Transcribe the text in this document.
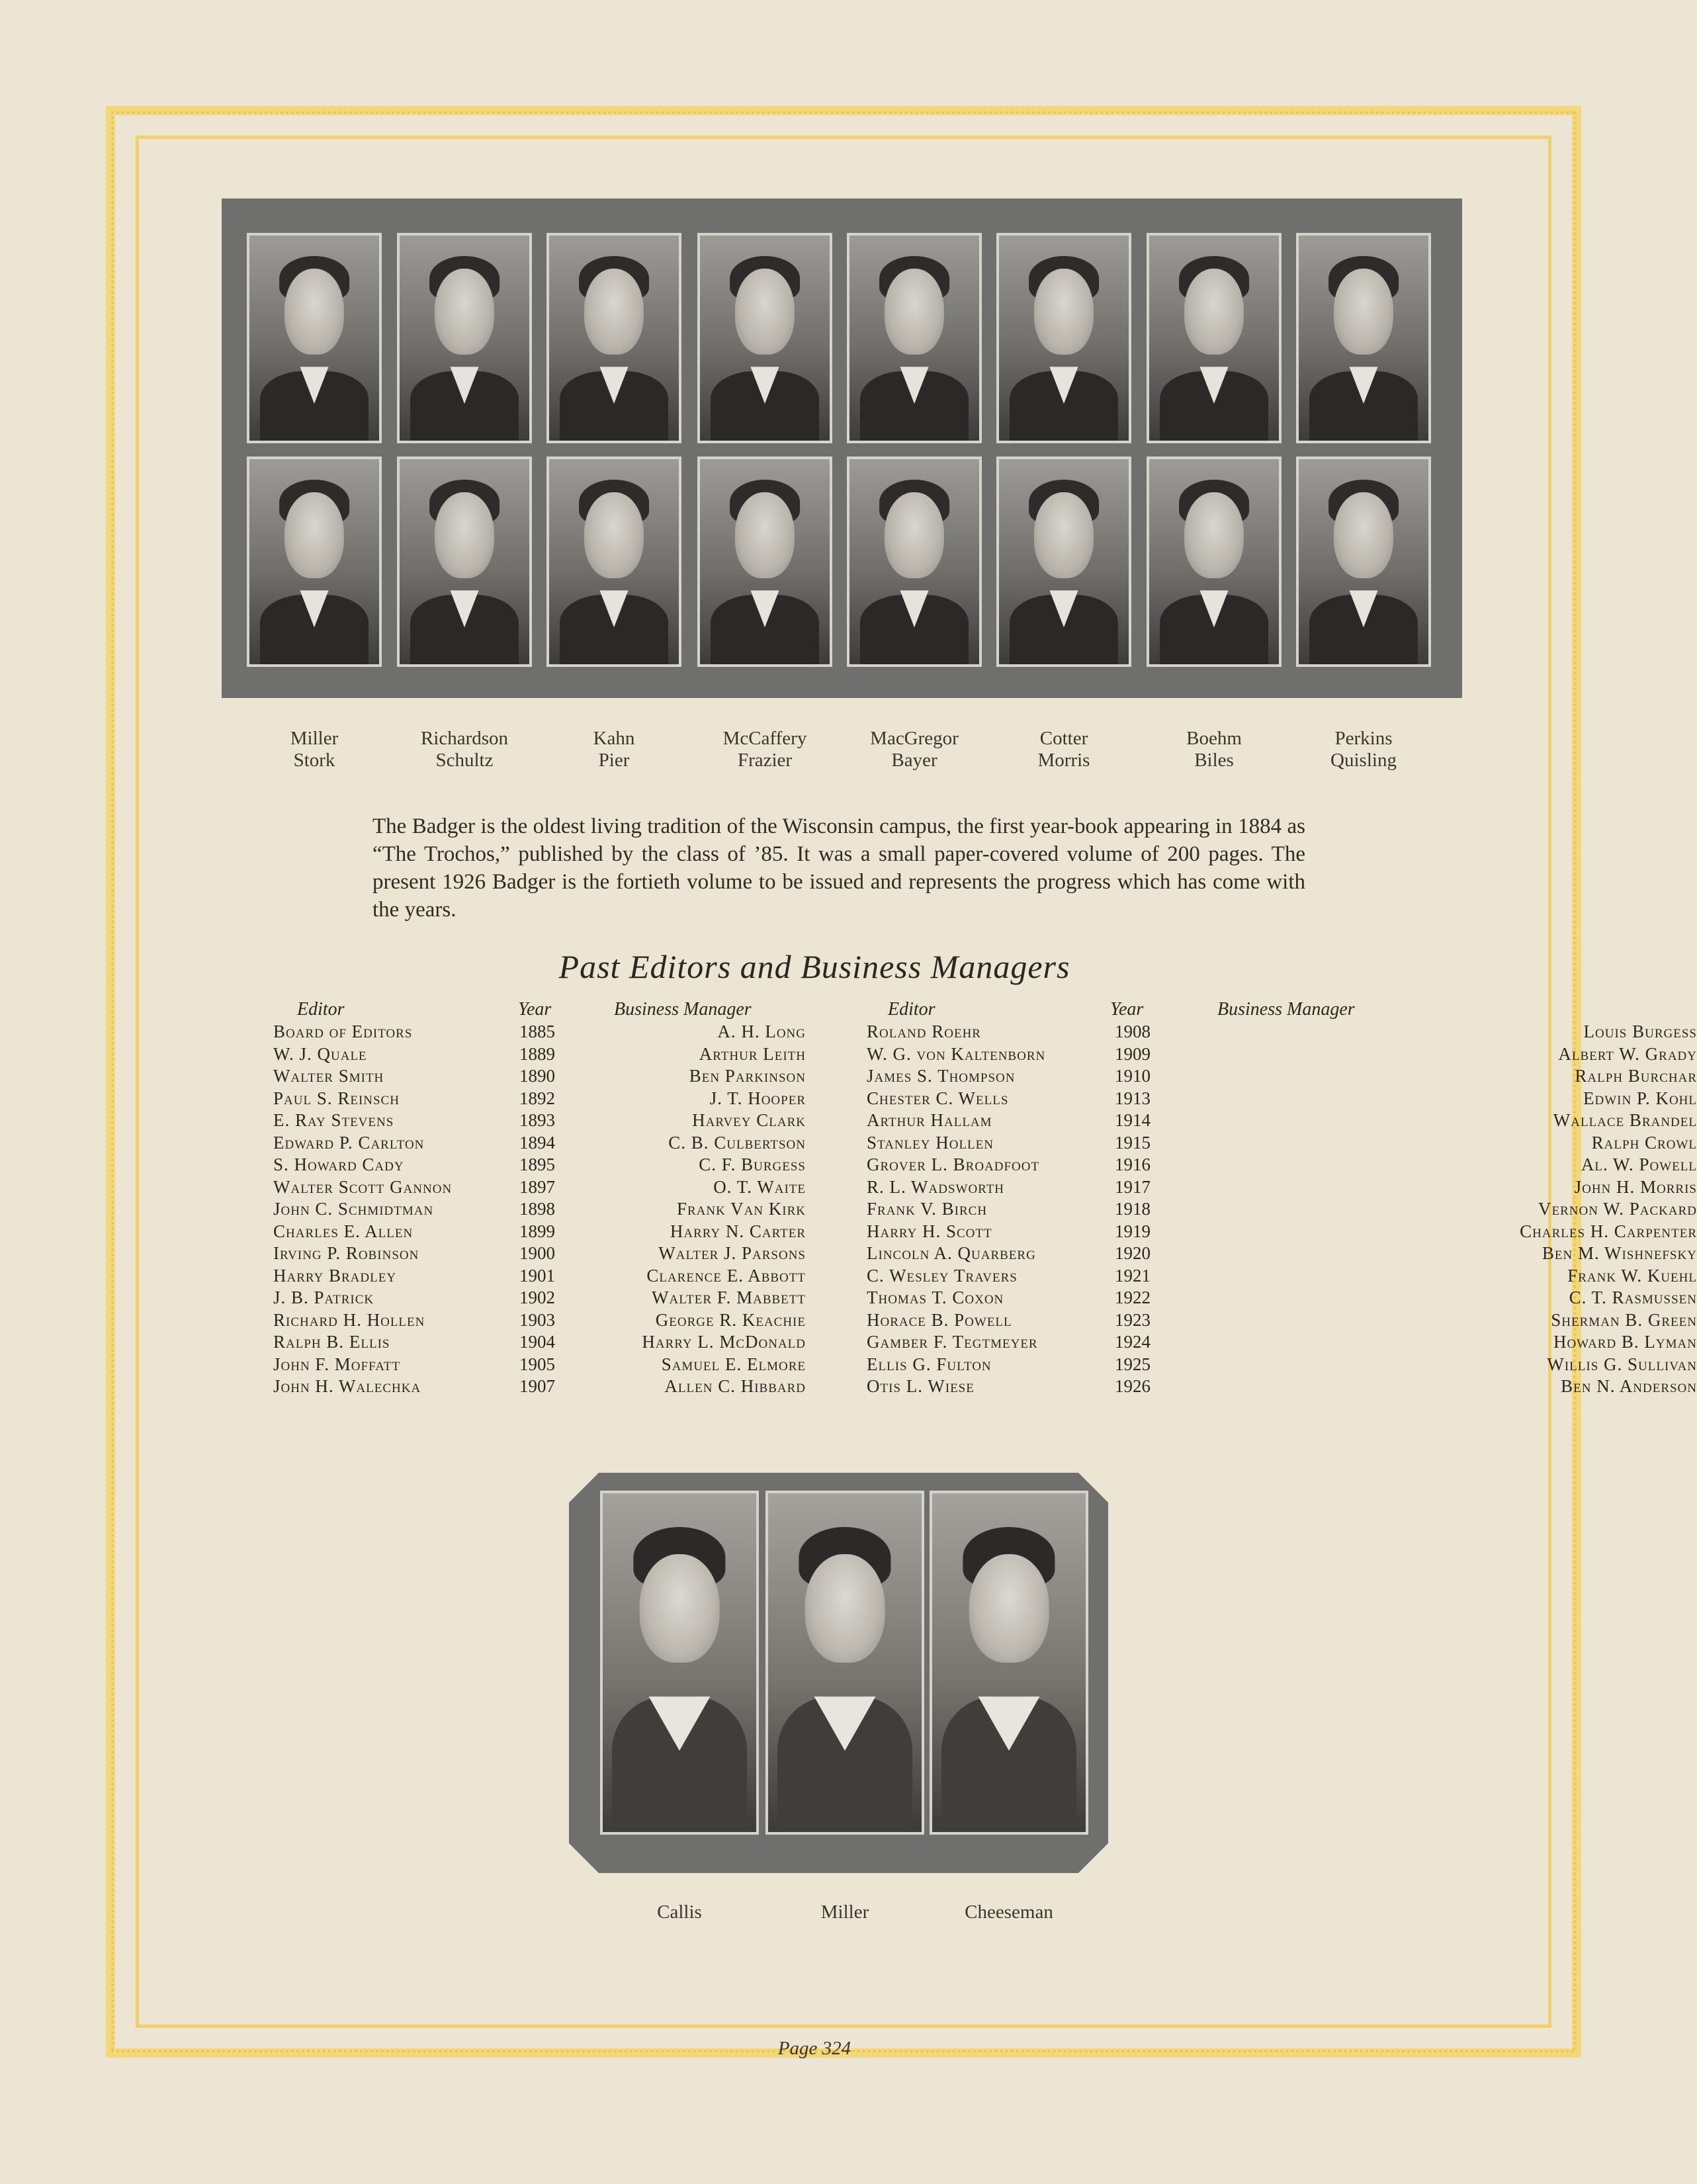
Miller
Stork
Richardson
Schultz
Kahn
Pier
McCaffery
Frazier
MacGregor
Bayer
Cotter
Morris
Boehm
Biles
Perkins
Quisling
The Badger is the oldest living tradition of the Wisconsin campus, the first year-book appearing in 1884 as “The Trochos,” published by the class of ’85. It was a small paper-covered volume of 200 pages. The present 1926 Badger is the fortieth volume to be issued and represents the progress which has come with the years.
Past Editors and Business Managers
Editor	Year	Business Manager
Board of Editors	1885	A. H. Long
W. J. Quale	1889	Arthur Leith
Walter Smith	1890	Ben Parkinson
Paul S. Reinsch	1892	J. T. Hooper
E. Ray Stevens	1893	Harvey Clark
Edward P. Carlton	1894	C. B. Culbertson
S. Howard Cady	1895	C. F. Burgess
Walter Scott Gannon	1897	O. T. Waite
John C. Schmidtman	1898	Frank Van Kirk
Charles E. Allen	1899	Harry N. Carter
Irving P. Robinson	1900	Walter J. Parsons
Harry Bradley	1901	Clarence E. Abbott
J. B. Patrick	1902	Walter F. Mabbett
Richard H. Hollen	1903	George R. Keachie
Ralph B. Ellis	1904	Harry L. McDonald
John F. Moffatt	1905	Samuel E. Elmore
John H. Walechka	1907	Allen C. Hibbard
Editor	Year	Business Manager
Roland Roehr	1908	Louis Burgess
W. G. von Kaltenborn	1909	Albert W. Grady
James S. Thompson	1910	Ralph Burchar
Chester C. Wells	1913	Edwin P. Kohl
Arthur Hallam	1914	Wallace Brandel
Stanley Hollen	1915	Ralph Crowl
Grover L. Broadfoot	1916	Al. W. Powell
R. L. Wadsworth	1917	John H. Morris
Frank V. Birch	1918	Vernon W. Packard
Harry H. Scott	1919	Charles H. Carpenter
Lincoln A. Quarberg	1920	Ben M. Wishnefsky
C. Wesley Travers	1921	Frank W. Kuehl
Thomas T. Coxon	1922	C. T. Rasmussen
Horace B. Powell	1923	Sherman B. Green
Gamber F. Tegtmeyer	1924	Howard B. Lyman
Ellis G. Fulton	1925	Willis G. Sullivan
Otis L. Wiese	1926	Ben N. Anderson
Callis	Miller	Cheeseman
Page 324
